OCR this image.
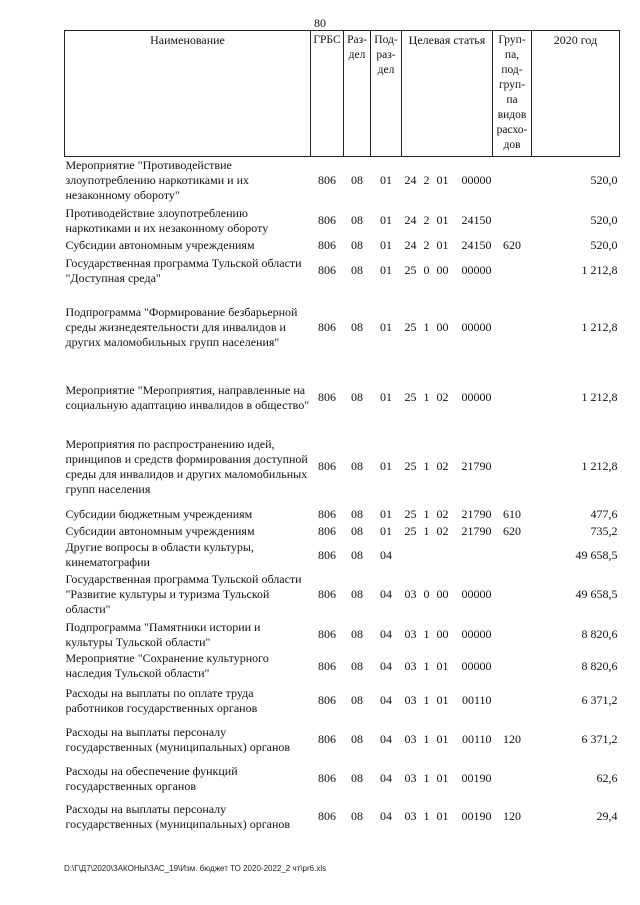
80
Наименование	ГРБС	Раз-дел	Под-раз-дел	Целевая статья	Груп-па, под-груп-па видов расхо-дов	2020 год
Мероприятие "Противодействие злоупотреблению наркотиками и их незаконному обороту"	806	08	01	24 2 01 00000		520,0
Противодействие злоупотреблению наркотиками и их незаконному обороту	806	08	01	24 2 01 24150		520,0
Субсидии автономным учреждениям	806	08	01	24 2 01 24150	620	520,0
Государственная программа Тульской области "Доступная среда"	806	08	01	25 0 00 00000		1 212,8
Подпрограмма "Формирование безбарьерной среды жизнедеятельности для инвалидов и других маломобильных групп населения"	806	08	01	25 1 00 00000		1 212,8
Мероприятие "Мероприятия, направленные на социальную адаптацию инвалидов в общество"	806	08	01	25 1 02 00000		1 212,8
Мероприятия по распространению идей, принципов и средств формирования доступной среды для инвалидов и других маломобильных групп населения	806	08	01	25 1 02 21790		1 212,8
Субсидии бюджетным учреждениям	806	08	01	25 1 02 21790	610	477,6
Субсидии автономным учреждениям	806	08	01	25 1 02 21790	620	735,2
Другие вопросы в области культуры, кинематографии	806	08	04			49 658,5
Государственная программа Тульской области "Развитие культуры и туризма Тульской области"	806	08	04	03 0 00 00000		49 658,5
Подпрограмма "Памятники истории и культуры Тульской области"	806	08	04	03 1 00 00000		8 820,6
Мероприятие "Сохранение культурного наследия Тульской области"	806	08	04	03 1 01 00000		8 820,6
Расходы на выплаты по оплате труда работников государственных органов	806	08	04	03 1 01 00110		6 371,2
Расходы на выплаты персоналу государственных (муниципальных) органов	806	08	04	03 1 01 00110	120	6 371,2
Расходы на обеспечение функций государственных органов	806	08	04	03 1 01 00190		62,6
Расходы на выплаты персоналу государственных (муниципальных) органов	806	08	04	03 1 01 00190	120	29,4
D:\Г\Д7\2020\ЗАКОНЫ\ЗАС_19\Изм. бюджет ТО 2020-2022_2 чт\pr6.xls
